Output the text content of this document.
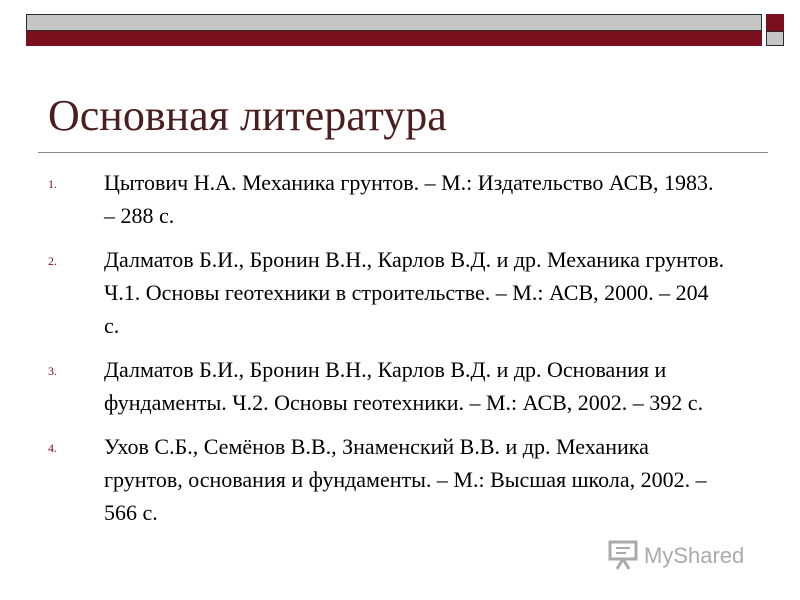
Основная литература
1. Цытович Н.А. Механика грунтов. – М.: Издательство АСВ, 1983. – 288 с.
2. Далматов Б.И., Бронин В.Н., Карлов В.Д. и др. Механика грунтов. Ч.1. Основы геотехники в строительстве. – М.: АСВ, 2000. – 204 с.
3. Далматов Б.И., Бронин В.Н., Карлов В.Д. и др. Основания и фундаменты. Ч.2. Основы геотехники. – М.: АСВ, 2002. – 392 с.
4. Ухов С.Б., Семёнов В.В., Знаменский В.В. и др. Механика грунтов, основания и фундаменты. – М.: Высшая школа, 2002. – 566 с.
MyShared
